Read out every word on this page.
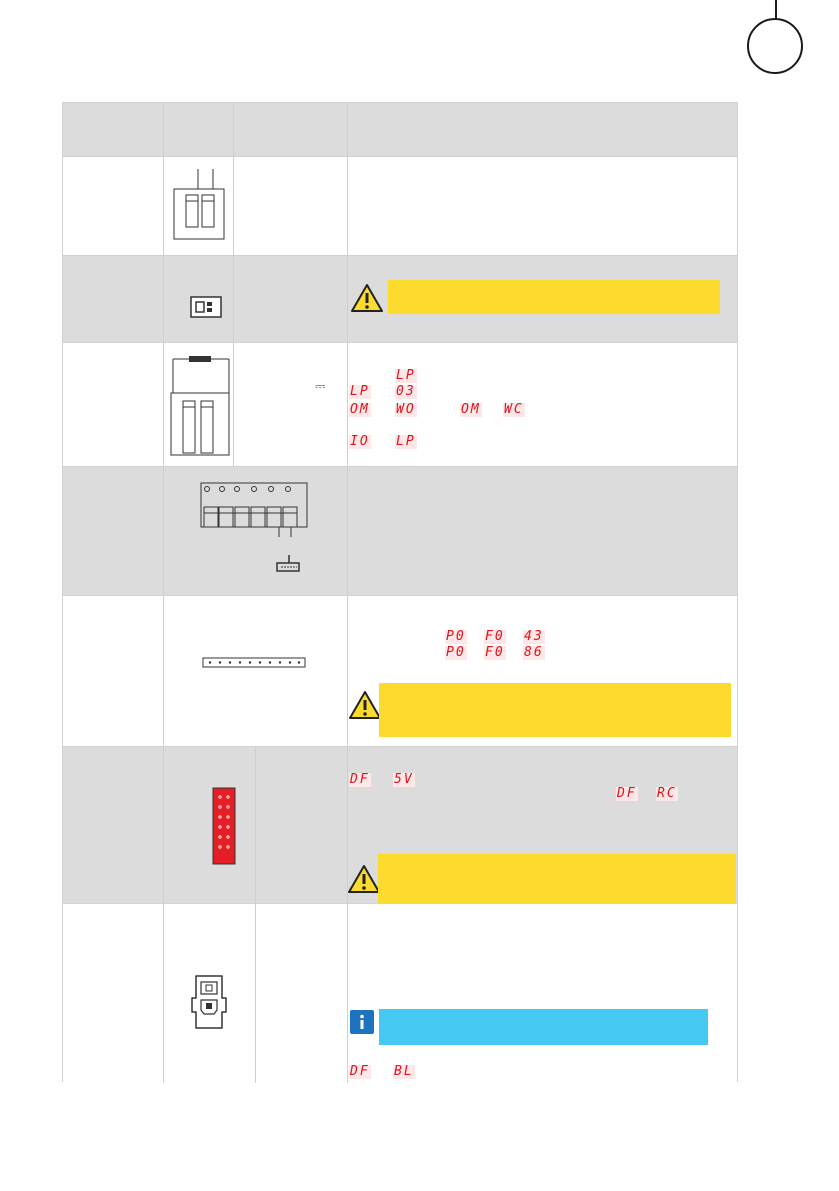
⎓
LP
LP 03
OM WO	OM WC
IO LP
P0 F0 43
P0 F0 86
DF 5V
DF RC
DF BL
